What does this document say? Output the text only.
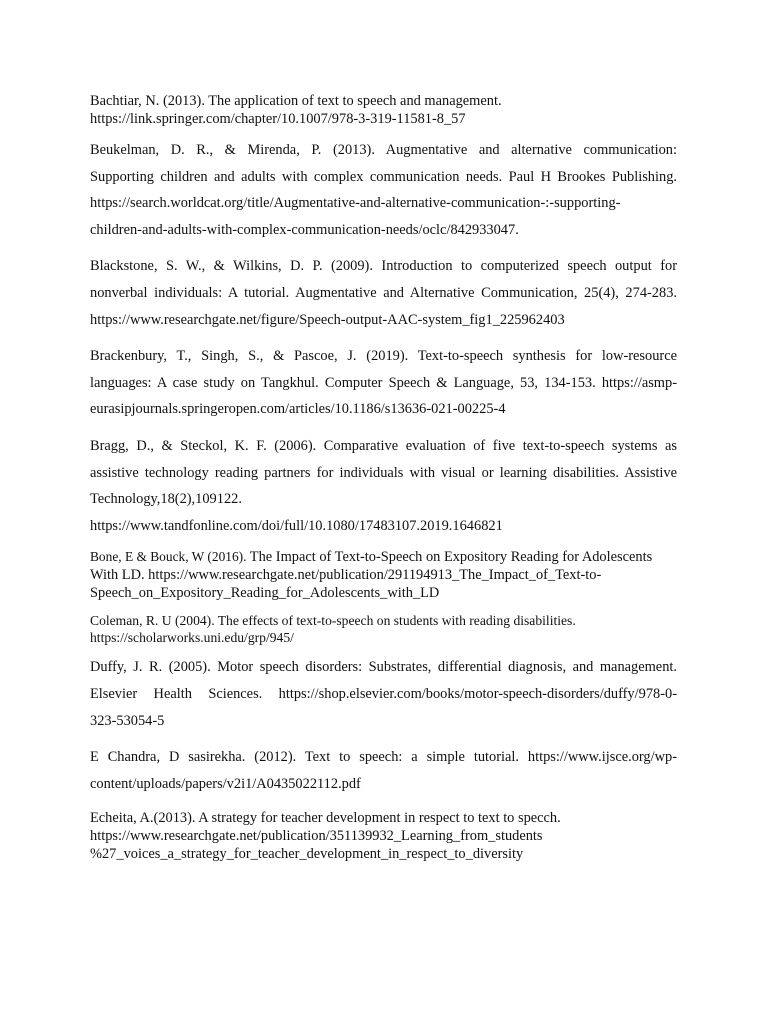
Bachtiar, N. (2013). The application of text to speech and management.
https://link.springer.com/chapter/10.1007/978-3-319-11581-8_57
Beukelman, D. R., & Mirenda, P. (2013). Augmentative and alternative communication:
Supporting children and adults with complex communication needs. Paul H Brookes Publishing.
https://search.worldcat.org/title/Augmentative-and-alternative-communication-:-supporting-
children-and-adults-with-complex-communication-needs/oclc/842933047.
Blackstone, S. W., & Wilkins, D. P. (2009). Introduction to computerized speech output for
nonverbal individuals: A tutorial. Augmentative and Alternative Communication, 25(4), 274-283.
https://www.researchgate.net/figure/Speech-output-AAC-system_fig1_225962403
Brackenbury, T., Singh, S., & Pascoe, J. (2019). Text-to-speech synthesis for low-resource
languages: A case study on Tangkhul. Computer Speech & Language, 53, 134-153. https://asmp-
eurasipjournals.springeropen.com/articles/10.1186/s13636-021-00225-4
Bragg, D., & Steckol, K. F. (2006). Comparative evaluation of five text-to-speech systems as
assistive technology reading partners for individuals with visual or learning disabilities. Assistive
Technology,18(2),109122.
https://www.tandfonline.com/doi/full/10.1080/17483107.2019.1646821
Bone, E & Bouck, W (2016). The Impact of Text-to-Speech on Expository Reading for Adolescents
With LD. https://www.researchgate.net/publication/291194913_The_Impact_of_Text-to-
Speech_on_Expository_Reading_for_Adolescents_with_LD
Coleman, R. U (2004). The effects of text-to-speech on students with reading disabilities.
https://scholarworks.uni.edu/grp/945/
Duffy, J. R. (2005). Motor speech disorders: Substrates, differential diagnosis, and management.
Elsevier Health Sciences. https://shop.elsevier.com/books/motor-speech-disorders/duffy/978-0-
323-53054-5
E Chandra, D sasirekha. (2012). Text to speech: a simple tutorial. https://www.ijsce.org/wp-
content/uploads/papers/v2i1/A0435022112.pdf
Echeita, A.(2013). A strategy for teacher development in respect to text to specch.
https://www.researchgate.net/publication/351139932_Learning_from_students
%27_voices_a_strategy_for_teacher_development_in_respect_to_diversity
